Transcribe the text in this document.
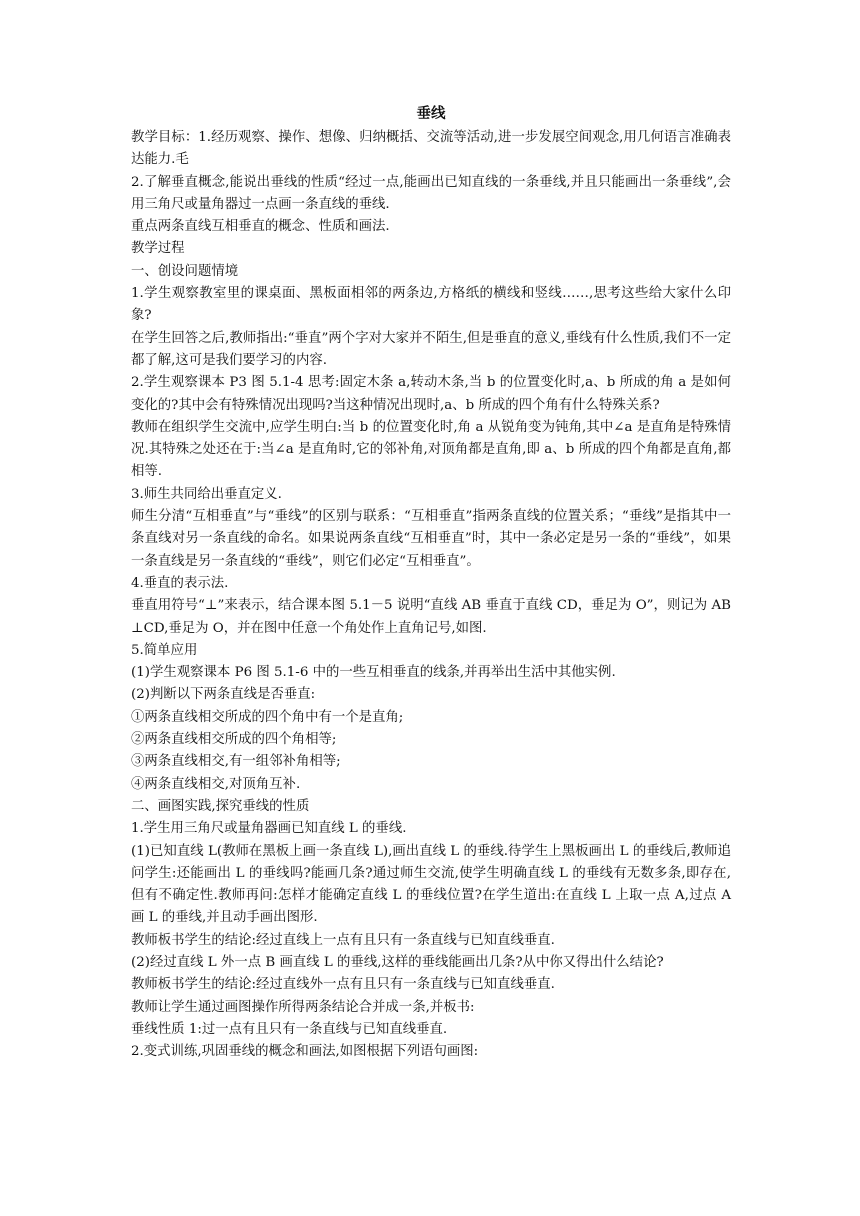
垂线

教学目标：1.经历观察、操作、想像、归纳概括、交流等活动,进一步发展空间观念,用几何语言准确表达能力.毛

2.了解垂直概念,能说出垂线的性质“经过一点,能画出已知直线的一条垂线,并且只能画出一条垂线”,会用三角尺或量角器过一点画一条直线的垂线.

重点两条直线互相垂直的概念、性质和画法.

教学过程

一、创设问题情境

1.学生观察教室里的课桌面、黑板面相邻的两条边,方格纸的横线和竖线……,思考这些给大家什么印象?

在学生回答之后,教师指出:“垂直”两个字对大家并不陌生,但是垂直的意义,垂线有什么性质,我们不一定都了解,这可是我们要学习的内容.

2.学生观察课本 P3 图 5.1-4 思考:固定木条 a,转动木条,当 b 的位置变化时,a、b 所成的角 a 是如何变化的?其中会有特殊情况出现吗?当这种情况出现时,a、b 所成的四个角有什么特殊关系?

教师在组织学生交流中,应学生明白:当 b 的位置变化时,角 a 从锐角变为钝角,其中∠a 是直角是特殊情况.其特殊之处还在于:当∠a 是直角时,它的邻补角,对顶角都是直角,即 a、b 所成的四个角都是直角,都相等.

3.师生共同给出垂直定义.

师生分清“互相垂直”与“垂线”的区别与联系：“互相垂直”指两条直线的位置关系；“垂线”是指其中一条直线对另一条直线的命名。如果说两条直线“互相垂直”时，其中一条必定是另一条的“垂线”，如果一条直线是另一条直线的“垂线”，则它们必定“互相垂直”。

4.垂直的表示法.

垂直用符号“⊥”来表示，结合课本图 5.1－5 说明“直线 AB 垂直于直线 CD，垂足为 O”，则记为 AB⊥CD,垂足为 O，并在图中任意一个角处作上直角记号,如图.

5.简单应用

(1)学生观察课本 P6 图 5.1-6 中的一些互相垂直的线条,并再举出生活中其他实例.

(2)判断以下两条直线是否垂直:

①两条直线相交所成的四个角中有一个是直角;

②两条直线相交所成的四个角相等;

③两条直线相交,有一组邻补角相等;

④两条直线相交,对顶角互补.

二、画图实践,探究垂线的性质

1.学生用三角尺或量角器画已知直线 L 的垂线.

(1)已知直线 L(教师在黑板上画一条直线 L),画出直线 L 的垂线.待学生上黑板画出 L 的垂线后,教师追问学生:还能画出 L 的垂线吗?能画几条?通过师生交流,使学生明确直线 L 的垂线有无数多条,即存在,但有不确定性.教师再问:怎样才能确定直线 L 的垂线位置?在学生道出:在直线 L 上取一点 A,过点 A 画 L 的垂线,并且动手画出图形.

教师板书学生的结论:经过直线上一点有且只有一条直线与已知直线垂直.

(2)经过直线 L 外一点 B 画直线 L 的垂线,这样的垂线能画出几条?从中你又得出什么结论?

教师板书学生的结论:经过直线外一点有且只有一条直线与已知直线垂直.

教师让学生通过画图操作所得两条结论合并成一条,并板书:

垂线性质 1:过一点有且只有一条直线与已知直线垂直.

2.变式训练,巩固垂线的概念和画法,如图根据下列语句画图:
